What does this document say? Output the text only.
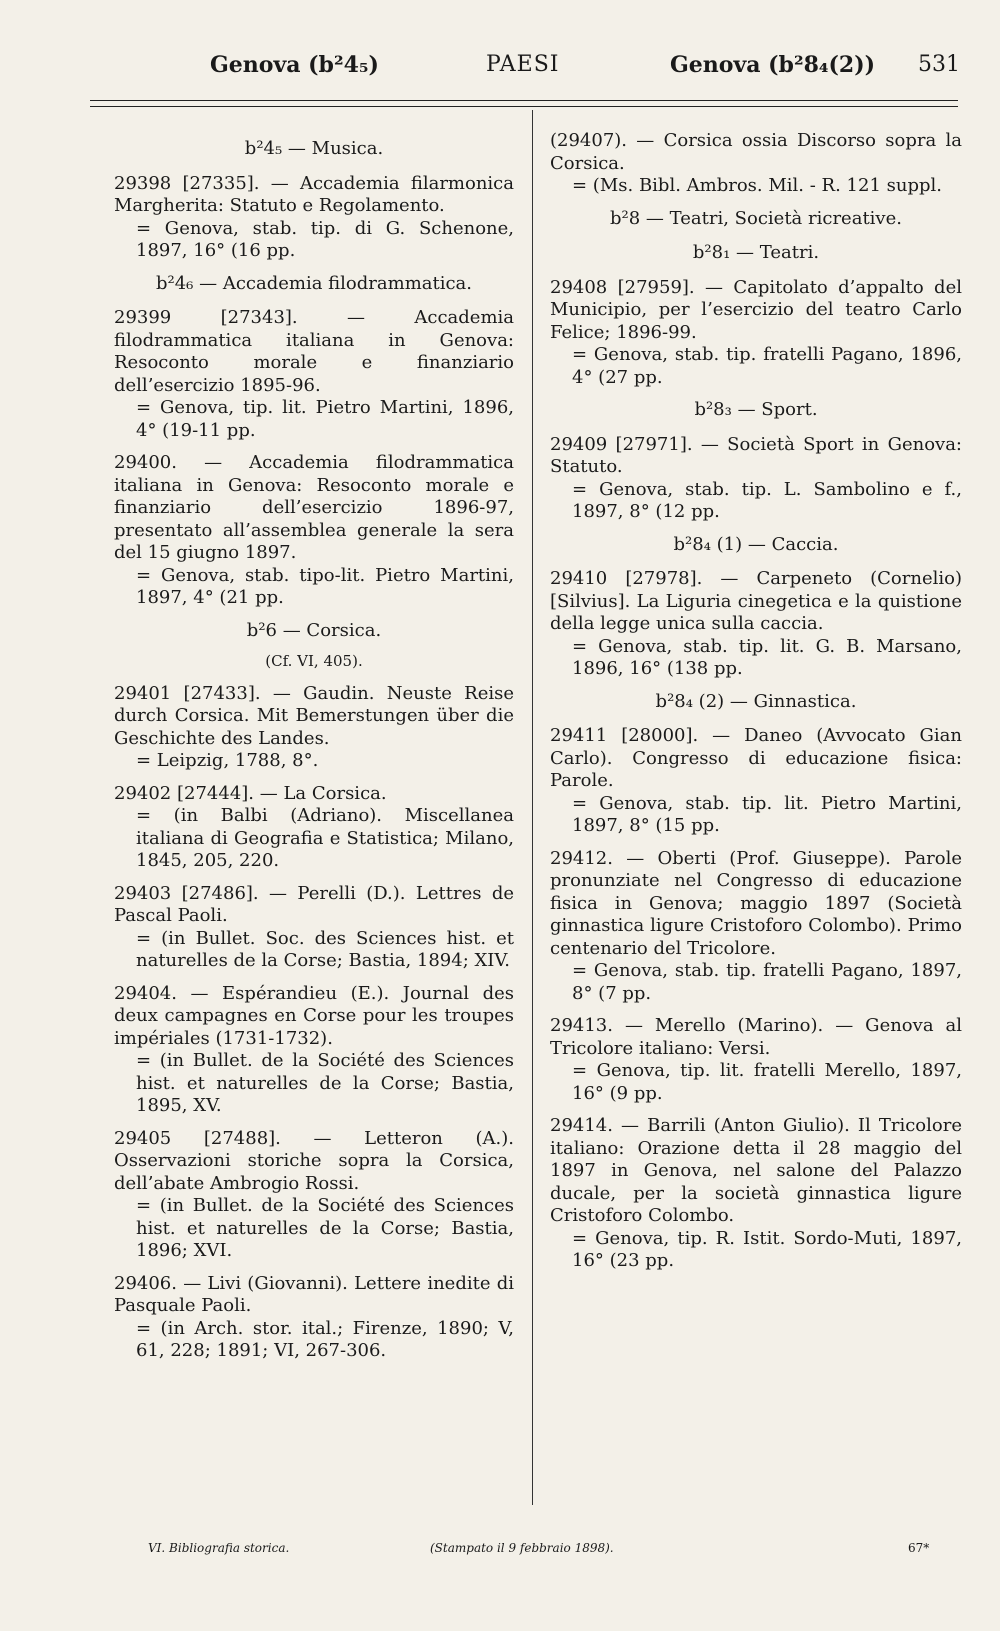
Genova (b²4₅)	PAESI	Genova (b²8₄(2)) 531
b²4₅ — Musica.
29398 [27335]. — Accademia filarmonica Margherita: Statuto e Regolamento.
= Genova, stab. tip. di G. Schenone, 1897, 16° (16 pp.
b²4₆ — Accademia filodrammatica.
29399 [27343]. — Accademia filodrammatica italiana in Genova: Resoconto morale e finanziario dell’esercizio 1895-96.
= Genova, tip. lit. Pietro Martini, 1896, 4° (19-11 pp.
29400. — Accademia filodrammatica italiana in Genova: Resoconto morale e finanziario dell’esercizio 1896-97, presentato all’assemblea generale la sera del 15 giugno 1897.
= Genova, stab. tipo-lit. Pietro Martini, 1897, 4° (21 pp.
b²6 — Corsica.
(Cf. VI, 405).
29401 [27433]. — Gaudin. Neuste Reise durch Corsica. Mit Bemerstungen über die Geschichte des Landes.
= Leipzig, 1788, 8°.
29402 [27444]. — La Corsica.
= (in Balbi (Adriano). Miscellanea italiana di Geografia e Statistica; Milano, 1845, 205, 220.
29403 [27486]. — Perelli (D.). Lettres de Pascal Paoli.
= (in Bullet. Soc. des Sciences hist. et naturelles de la Corse; Bastia, 1894; XIV.
29404. — Espérandieu (E.). Journal des deux campagnes en Corse pour les troupes impériales (1731-1732).
= (in Bullet. de la Société des Sciences hist. et naturelles de la Corse; Bastia, 1895, XV.
29405 [27488]. — Letteron (A.). Osservazioni storiche sopra la Corsica, dell’abate Ambrogio Rossi.
= (in Bullet. de la Société des Sciences hist. et naturelles de la Corse; Bastia, 1896; XVI.
29406. — Livi (Giovanni). Lettere inedite di Pasquale Paoli.
= (in Arch. stor. ital.; Firenze, 1890; V, 61, 228; 1891; VI, 267-306.
(29407). — Corsica ossia Discorso sopra la Corsica.
= (Ms. Bibl. Ambros. Mil. - R. 121 suppl.
b²8 — Teatri, Società ricreative.
b²8₁ — Teatri.
29408 [27959]. — Capitolato d’appalto del Municipio, per l’esercizio del teatro Carlo Felice; 1896-99.
= Genova, stab. tip. fratelli Pagano, 1896, 4° (27 pp.
b²8₃ — Sport.
29409 [27971]. — Società Sport in Genova: Statuto.
= Genova, stab. tip. L. Sambolino e f., 1897, 8° (12 pp.
b²8₄ (1) — Caccia.
29410 [27978]. — Carpeneto (Cornelio) [Silvius]. La Liguria cinegetica e la quistione della legge unica sulla caccia.
= Genova, stab. tip. lit. G. B. Marsano, 1896, 16° (138 pp.
b²8₄ (2) — Ginnastica.
29411 [28000]. — Daneo (Avvocato Gian Carlo). Congresso di educazione fisica: Parole.
= Genova, stab. tip. lit. Pietro Martini, 1897, 8° (15 pp.
29412. — Oberti (Prof. Giuseppe). Parole pronunziate nel Congresso di educazione fisica in Genova; maggio 1897 (Società ginnastica ligure Cristoforo Colombo). Primo centenario del Tricolore.
= Genova, stab. tip. fratelli Pagano, 1897, 8° (7 pp.
29413. — Merello (Marino). — Genova al Tricolore italiano: Versi.
= Genova, tip. lit. fratelli Merello, 1897, 16° (9 pp.
29414. — Barrili (Anton Giulio). Il Tricolore italiano: Orazione detta il 28 maggio del 1897 in Genova, nel salone del Palazzo ducale, per la società ginnastica ligure Cristoforo Colombo.
= Genova, tip. R. Istit. Sordo-Muti, 1897, 16° (23 pp.
VI. Bibliografia storica.	(Stampato il 9 febbraio 1898).	67*
